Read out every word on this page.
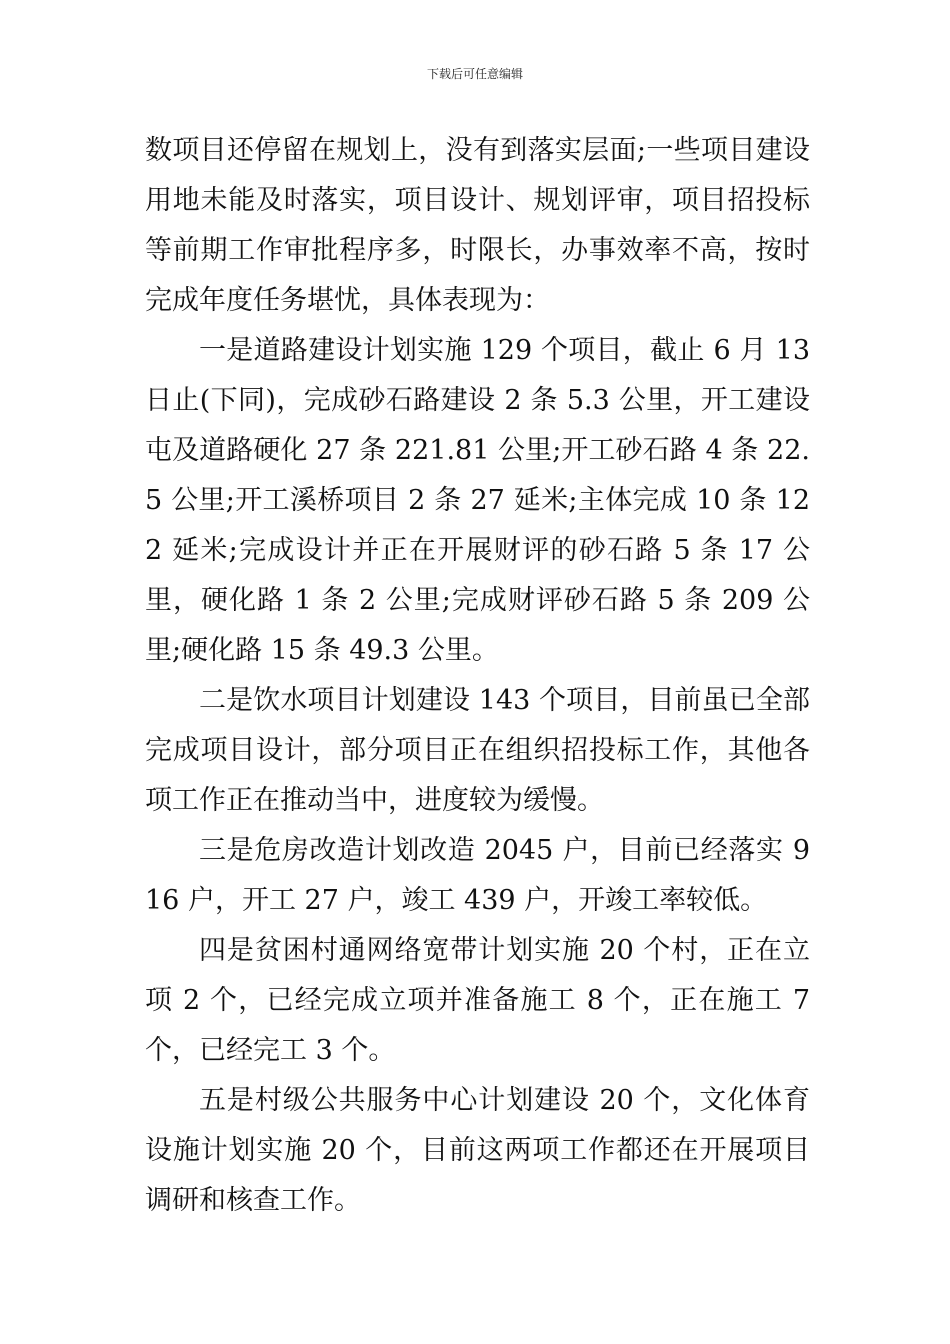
下载后可任意编辑

数项目还停留在规划上，没有到落实层面;一些项目建设用地未能及时落实，项目设计、规划评审，项目招投标等前期工作审批程序多，时限长，办事效率不高，按时完成年度任务堪忧，具体表现为：

一是道路建设计划实施 129 个项目，截止 6 月 13 日止(下同)，完成砂石路建设 2 条 5.3 公里，开工建设屯及道路硬化 27 条 221.81 公里;开工砂石路 4 条 22.5 公里;开工溪桥项目 2 条 27 延米;主体完成 10 条 122 延米;完成设计并正在开展财评的砂石路 5 条 17 公里，硬化路 1 条 2 公里;完成财评砂石路 5 条 209 公里;硬化路 15 条 49.3 公里。

二是饮水项目计划建设 143 个项目，目前虽已全部完成项目设计，部分项目正在组织招投标工作，其他各项工作正在推动当中，进度较为缓慢。

三是危房改造计划改造 2045 户，目前已经落实 916 户，开工 27 户，竣工 439 户，开竣工率较低。

四是贫困村通网络宽带计划实施 20 个村，正在立项 2 个，已经完成立项并准备施工 8 个，正在施工 7 个，已经完工 3 个。

五是村级公共服务中心计划建设 20 个，文化体育设施计划实施 20 个，目前这两项工作都还在开展项目调研和核查工作。
